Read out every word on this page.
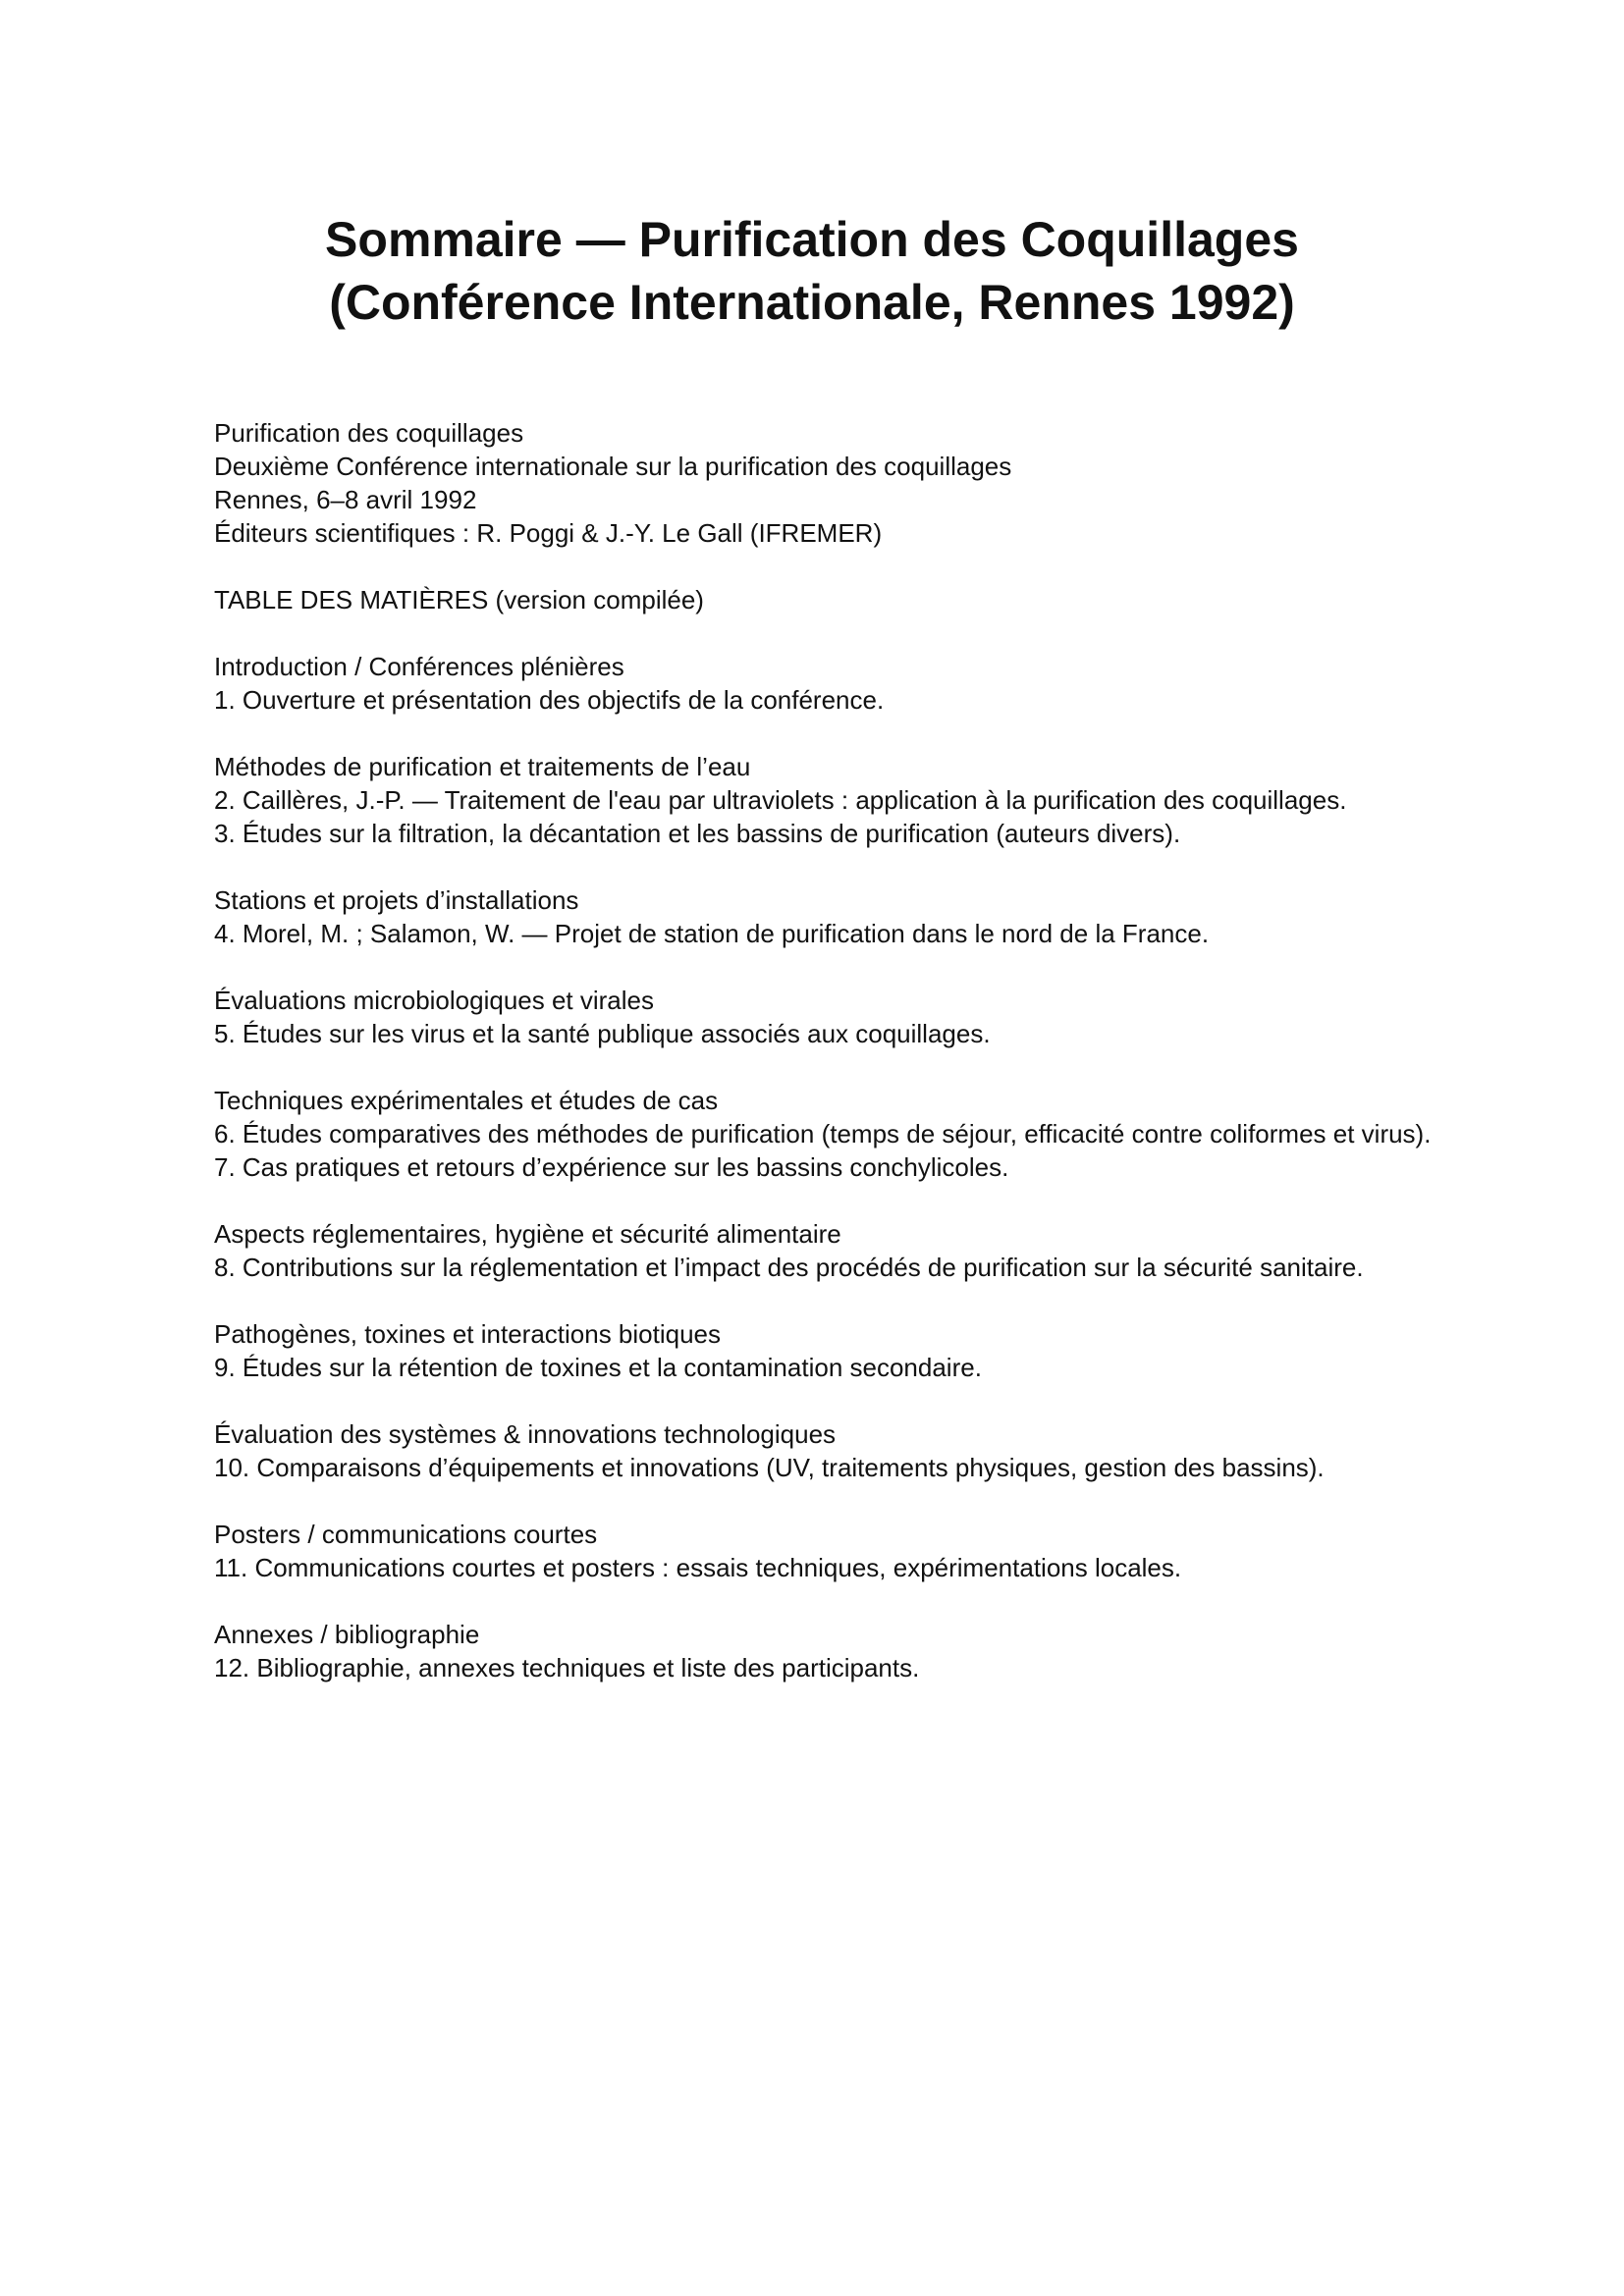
Sommaire — Purification des Coquillages
(Conférence Internationale, Rennes 1992)

Purification des coquillages

Deuxième Conférence internationale sur la purification des coquillages

Rennes, 6–8 avril 1992

Éditeurs scientifiques : R. Poggi & J.-Y. Le Gall (IFREMER)

TABLE DES MATIÈRES (version compilée)

Introduction / Conférences plénières

1. Ouverture et présentation des objectifs de la conférence.

Méthodes de purification et traitements de l’eau

2. Caillères, J.-P. — Traitement de l'eau par ultraviolets : application à la purification des coquillages.

3. Études sur la filtration, la décantation et les bassins de purification (auteurs divers).

Stations et projets d’installations

4. Morel, M. ; Salamon, W. — Projet de station de purification dans le nord de la France.

Évaluations microbiologiques et virales

5. Études sur les virus et la santé publique associés aux coquillages.

Techniques expérimentales et études de cas

6. Études comparatives des méthodes de purification (temps de séjour, efficacité contre coliformes et virus).

7. Cas pratiques et retours d’expérience sur les bassins conchylicoles.

Aspects réglementaires, hygiène et sécurité alimentaire

8. Contributions sur la réglementation et l’impact des procédés de purification sur la sécurité sanitaire.

Pathogènes, toxines et interactions biotiques

9. Études sur la rétention de toxines et la contamination secondaire.

Évaluation des systèmes & innovations technologiques

10. Comparaisons d’équipements et innovations (UV, traitements physiques, gestion des bassins).

Posters / communications courtes

11. Communications courtes et posters : essais techniques, expérimentations locales.

Annexes / bibliographie

12. Bibliographie, annexes techniques et liste des participants.
